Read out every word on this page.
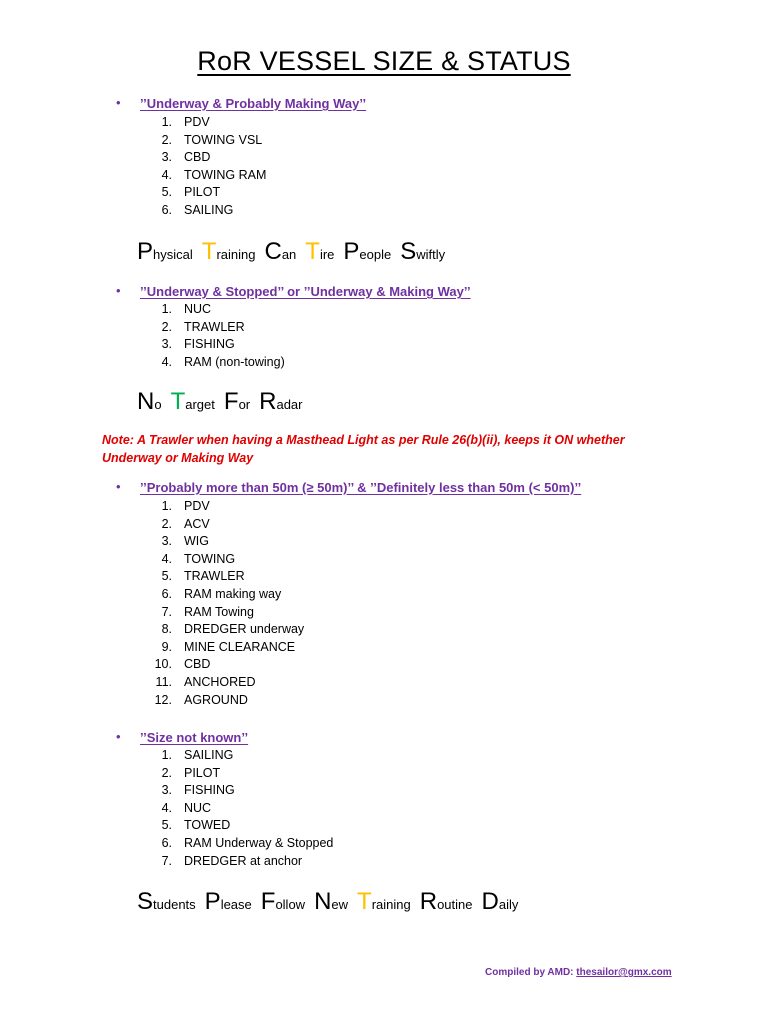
RoR VESSEL SIZE & STATUS
’’Underway & Probably Making Way’’
•
1. PDV
2. TOWING VSL
3. CBD
4. TOWING RAM
5. PILOT
6. SAILING
Physical Training Can Tire People Swiftly
’’Underway & Stopped’’ or ’’Underway & Making Way’’
•
1. NUC
2. TRAWLER
3. FISHING
4. RAM (non-towing)
No Target For Radar
Note: A Trawler when having a Masthead Light as per Rule 26(b)(ii), keeps it ON whether Underway or Making Way
’’Probably more than 50m (≥ 50m)’’ & ’’Definitely less than 50m (< 50m)’’
•
1. PDV
2. ACV
3. WIG
4. TOWING
5. TRAWLER
6. RAM making way
7. RAM Towing
8. DREDGER underway
9. MINE CLEARANCE
10. CBD
11. ANCHORED
12. AGROUND
’’Size not known’’
•
1. SAILING
2. PILOT
3. FISHING
4. NUC
5. TOWED
6. RAM Underway & Stopped
7. DREDGER at anchor
Students Please Follow New Training Routine Daily
Compiled by AMD: thesailor@gmx.com
